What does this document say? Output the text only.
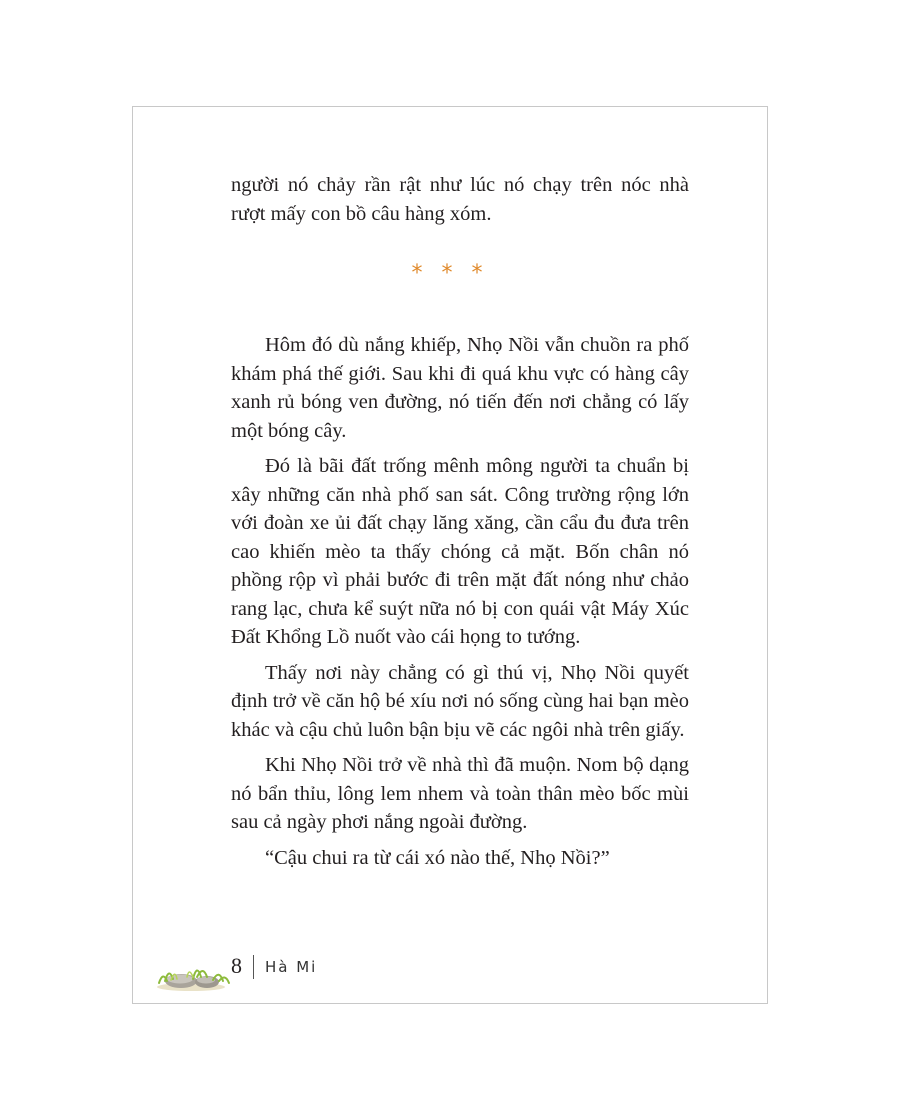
người nó chảy rần rật như lúc nó chạy trên nóc nhà rượt mấy con bồ câu hàng xóm.

* * *

Hôm đó dù nắng khiếp, Nhọ Nồi vẫn chuồn ra phố khám phá thế giới. Sau khi đi quá khu vực có hàng cây xanh rủ bóng ven đường, nó tiến đến nơi chẳng có lấy một bóng cây.

Đó là bãi đất trống mênh mông người ta chuẩn bị xây những căn nhà phố san sát. Công trường rộng lớn với đoàn xe ủi đất chạy lăng xăng, cần cẩu đu đưa trên cao khiến mèo ta thấy chóng cả mặt. Bốn chân nó phồng rộp vì phải bước đi trên mặt đất nóng như chảo rang lạc, chưa kể suýt nữa nó bị con quái vật Máy Xúc Đất Khổng Lồ nuốt vào cái họng to tướng.

Thấy nơi này chẳng có gì thú vị, Nhọ Nồi quyết định trở về căn hộ bé xíu nơi nó sống cùng hai bạn mèo khác và cậu chủ luôn bận bịu vẽ các ngôi nhà trên giấy.

Khi Nhọ Nồi trở về nhà thì đã muộn. Nom bộ dạng nó bẩn thỉu, lông lem nhem và toàn thân mèo bốc mùi sau cả ngày phơi nắng ngoài đường.

“Cậu chui ra từ cái xó nào thế, Nhọ Nồi?”

8 Hà Mi
